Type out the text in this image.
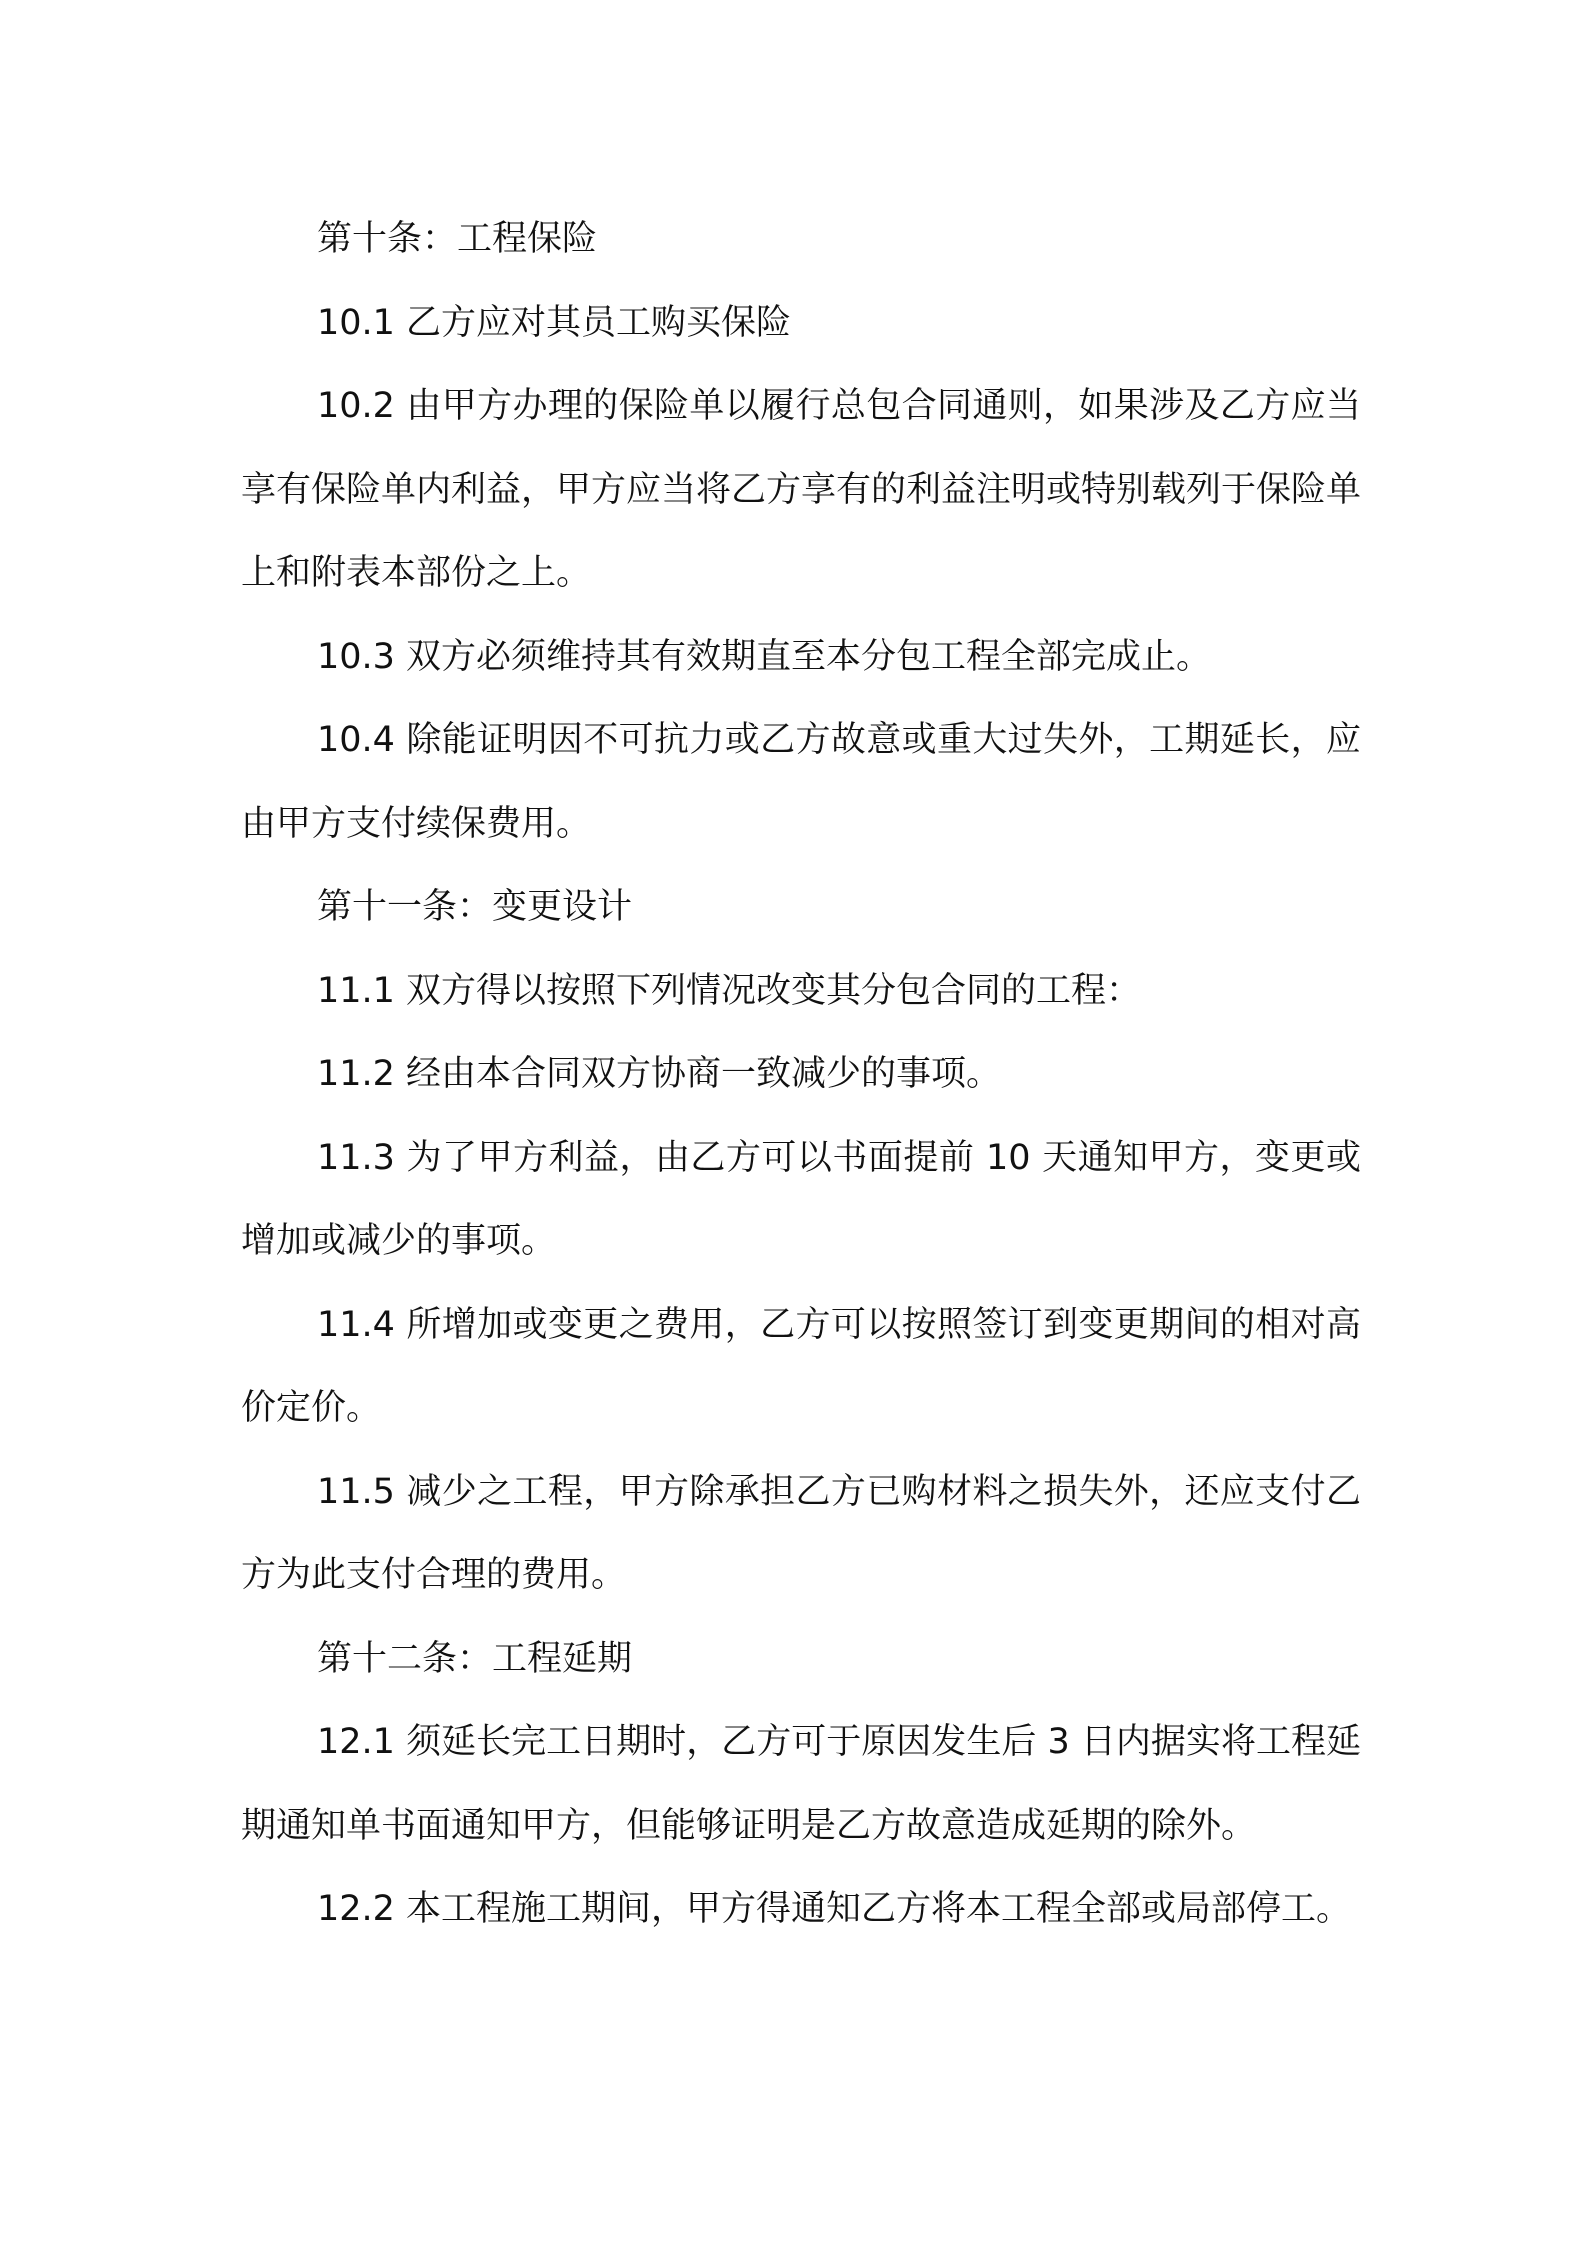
第十条：工程保险

10.1 乙方应对其员工购买保险

10.2 由甲方办理的保险单以履行总包合同通则，如果涉及乙方应当享有保险单内利益，甲方应当将乙方享有的利益注明或特别载列于保险单上和附表本部份之上。

10.3 双方必须维持其有效期直至本分包工程全部完成止。

10.4 除能证明因不可抗力或乙方故意或重大过失外，工期延长，应由甲方支付续保费用。

第十一条：变更设计

11.1 双方得以按照下列情况改变其分包合同的工程：

11.2 经由本合同双方协商一致减少的事项。

11.3 为了甲方利益，由乙方可以书面提前 10 天通知甲方，变更或增加或减少的事项。

11.4 所增加或变更之费用，乙方可以按照签订到变更期间的相对高价定价。

11.5 减少之工程，甲方除承担乙方已购材料之损失外，还应支付乙方为此支付合理的费用。

第十二条：工程延期

12.1 须延长完工日期时，乙方可于原因发生后 3 日内据实将工程延期通知单书面通知甲方，但能够证明是乙方故意造成延期的除外。

12.2 本工程施工期间，甲方得通知乙方将本工程全部或局部停工。
